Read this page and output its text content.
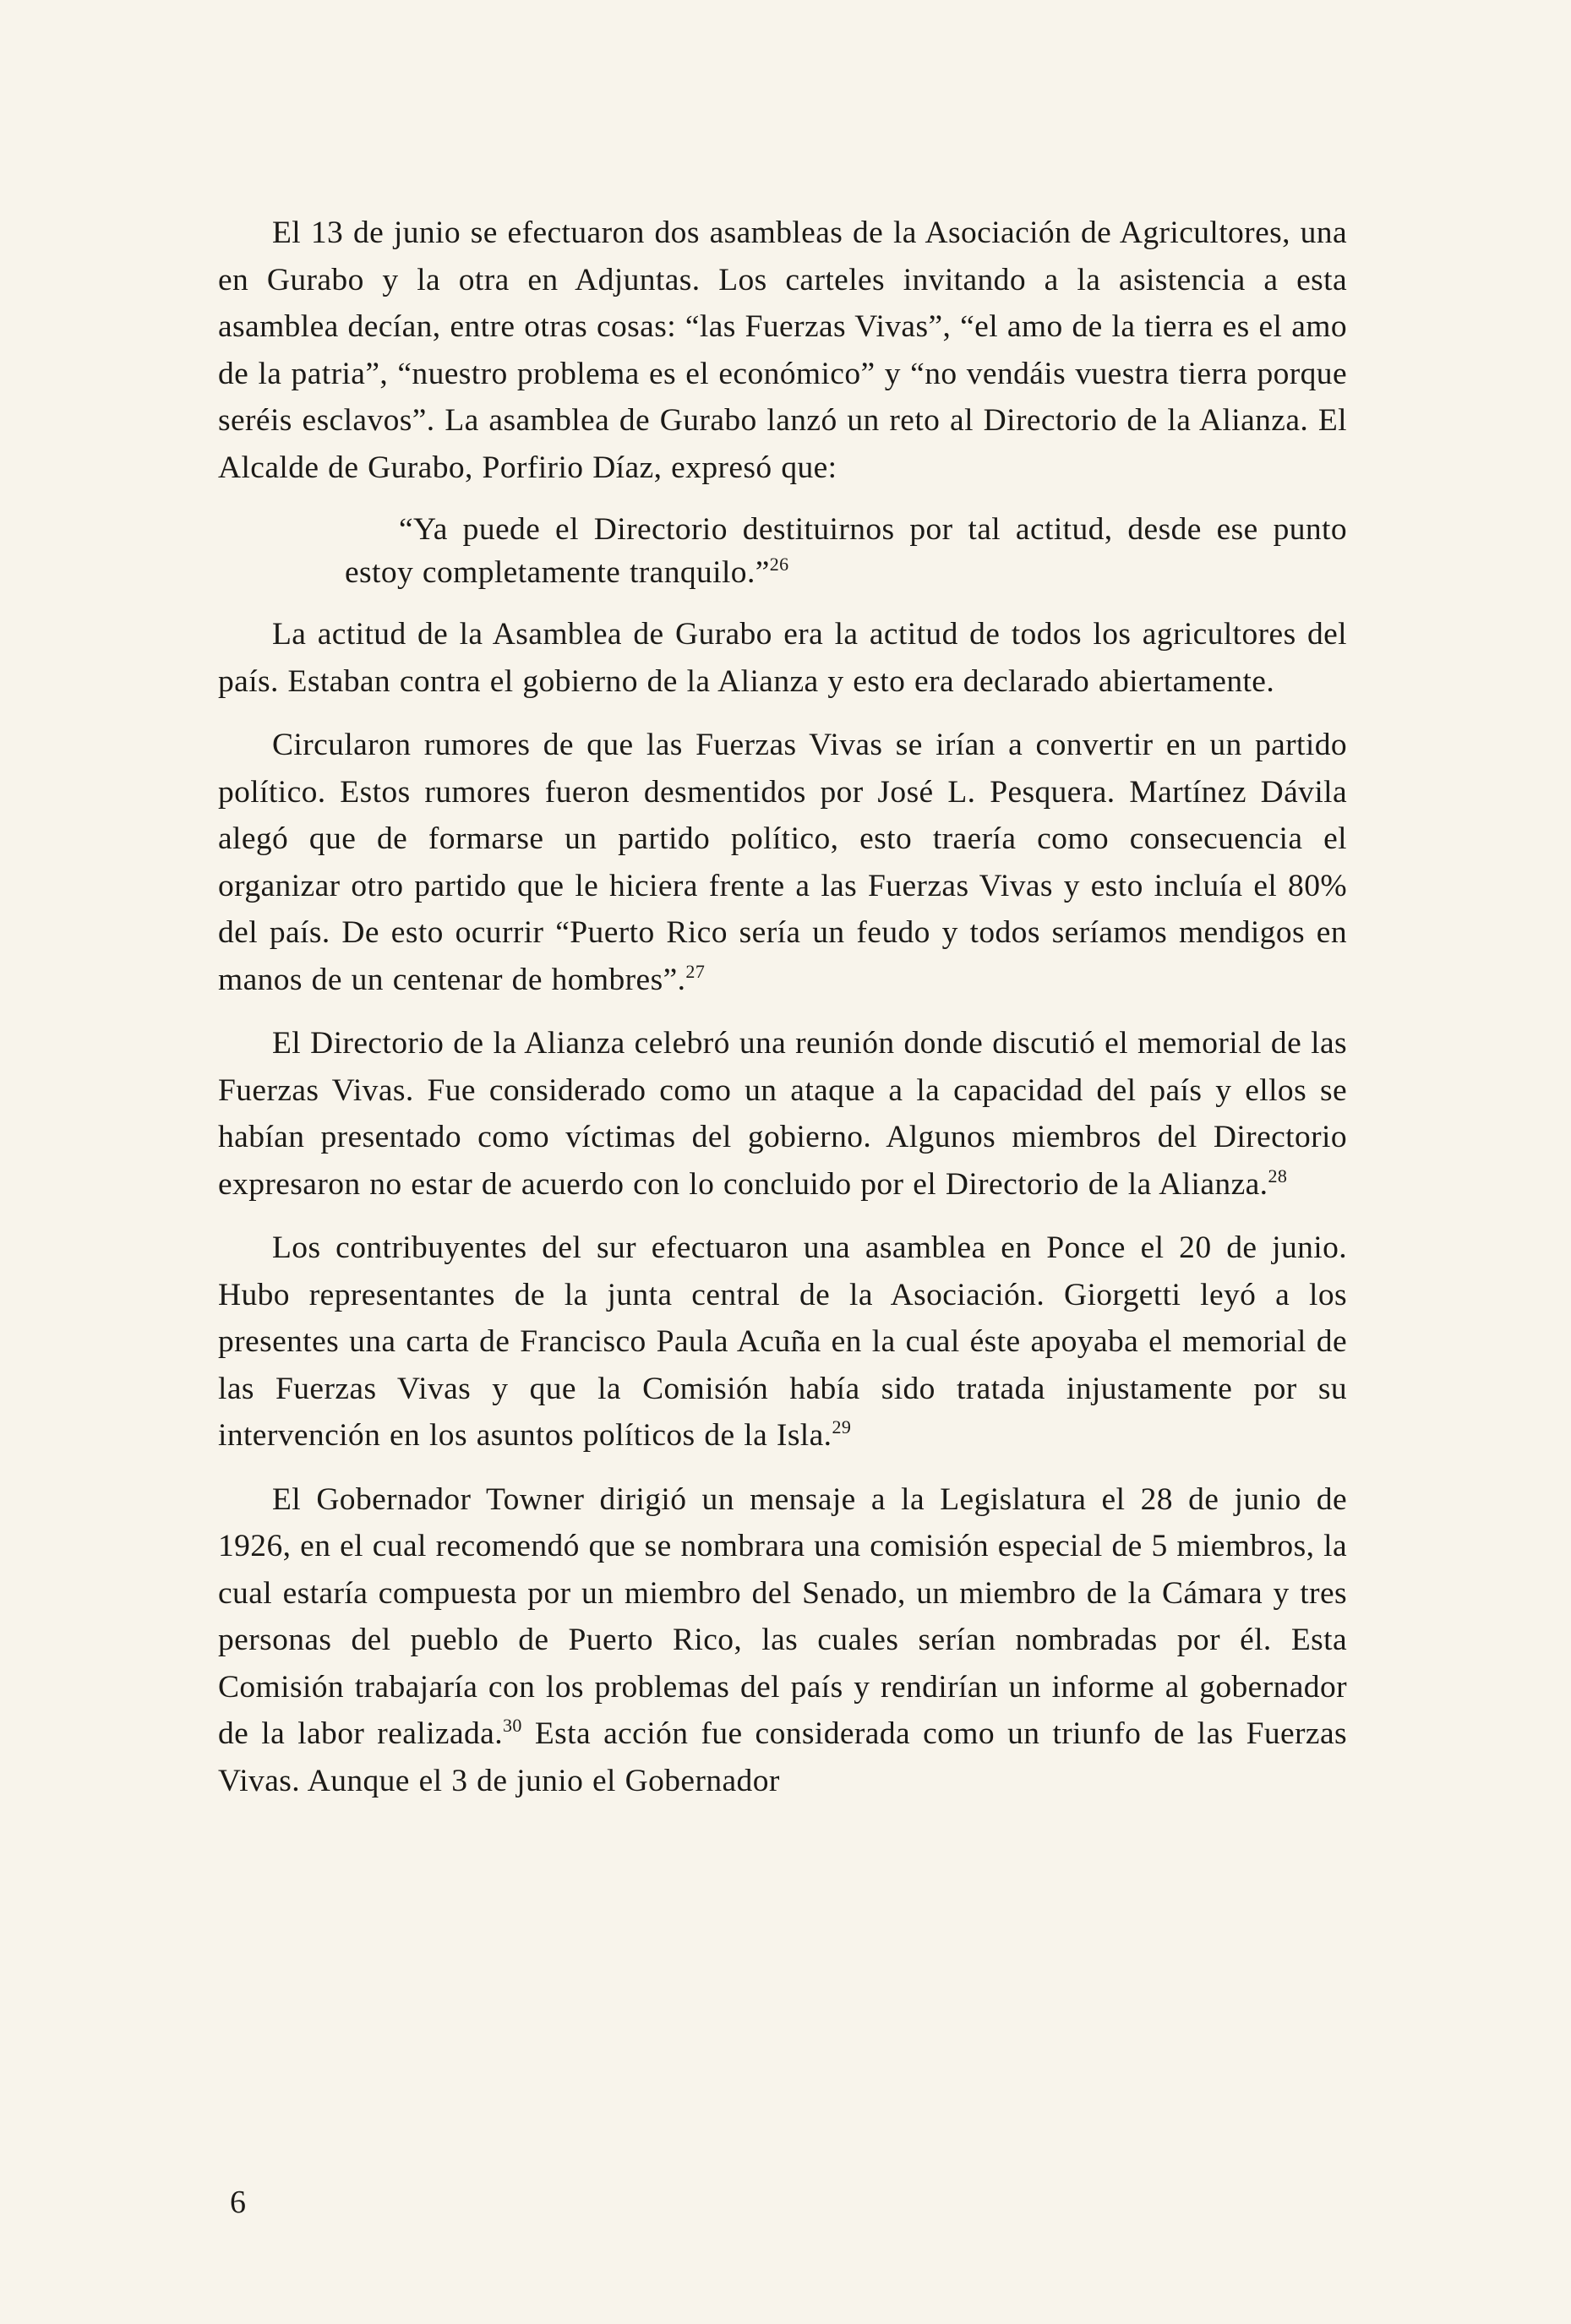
El 13 de junio se efectuaron dos asambleas de la Asociación de Agricultores, una en Gurabo y la otra en Adjuntas. Los carteles invitando a la asistencia a esta asamblea decían, entre otras cosas: “las Fuerzas Vivas”, “el amo de la tierra es el amo de la patria”, “nuestro problema es el económico” y “no vendáis vuestra tierra porque seréis esclavos”. La asamblea de Gurabo lanzó un reto al Directorio de la Alianza. El Alcalde de Gurabo, Porfirio Díaz, expresó que:

“Ya puede el Directorio destituirnos por tal actitud, desde ese punto estoy completamente tranquilo.”$^{26}$

La actitud de la Asamblea de Gurabo era la actitud de todos los agricultores del país. Estaban contra el gobierno de la Alianza y esto era declarado abiertamente.

Circularon rumores de que las Fuerzas Vivas se irían a convertir en un partido político. Estos rumores fueron desmentidos por José L. Pesquera. Martínez Dávila alegó que de formarse un partido político, esto traería como consecuencia el organizar otro partido que le hiciera frente a las Fuerzas Vivas y esto incluía el 80% del país. De esto ocurrir “Puerto Rico sería un feudo y todos seríamos mendigos en manos de un centenar de hombres”.$^{27}$

El Directorio de la Alianza celebró una reunión donde discutió el memorial de las Fuerzas Vivas. Fue considerado como un ataque a la capacidad del país y ellos se habían presentado como víctimas del gobierno. Algunos miembros del Directorio expresaron no estar de acuerdo con lo concluido por el Directorio de la Alianza.$^{28}$

Los contribuyentes del sur efectuaron una asamblea en Ponce el 20 de junio. Hubo representantes de la junta central de la Asociación. Giorgetti leyó a los presentes una carta de Francisco Paula Acuña en la cual éste apoyaba el memorial de las Fuerzas Vivas y que la Comisión había sido tratada injustamente por su intervención en los asuntos políticos de la Isla.$^{29}$

El Gobernador Towner dirigió un mensaje a la Legislatura el 28 de junio de 1926, en el cual recomendó que se nombrara una comisión especial de 5 miembros, la cual estaría compuesta por un miembro del Senado, un miembro de la Cámara y tres personas del pueblo de Puerto Rico, las cuales serían nombradas por él. Esta Comisión trabajaría con los problemas del país y rendirían un informe al gobernador de la labor realizada.$^{30}$ Esta acción fue considerada como un triunfo de las Fuerzas Vivas. Aunque el 3 de junio el Gobernador

6
